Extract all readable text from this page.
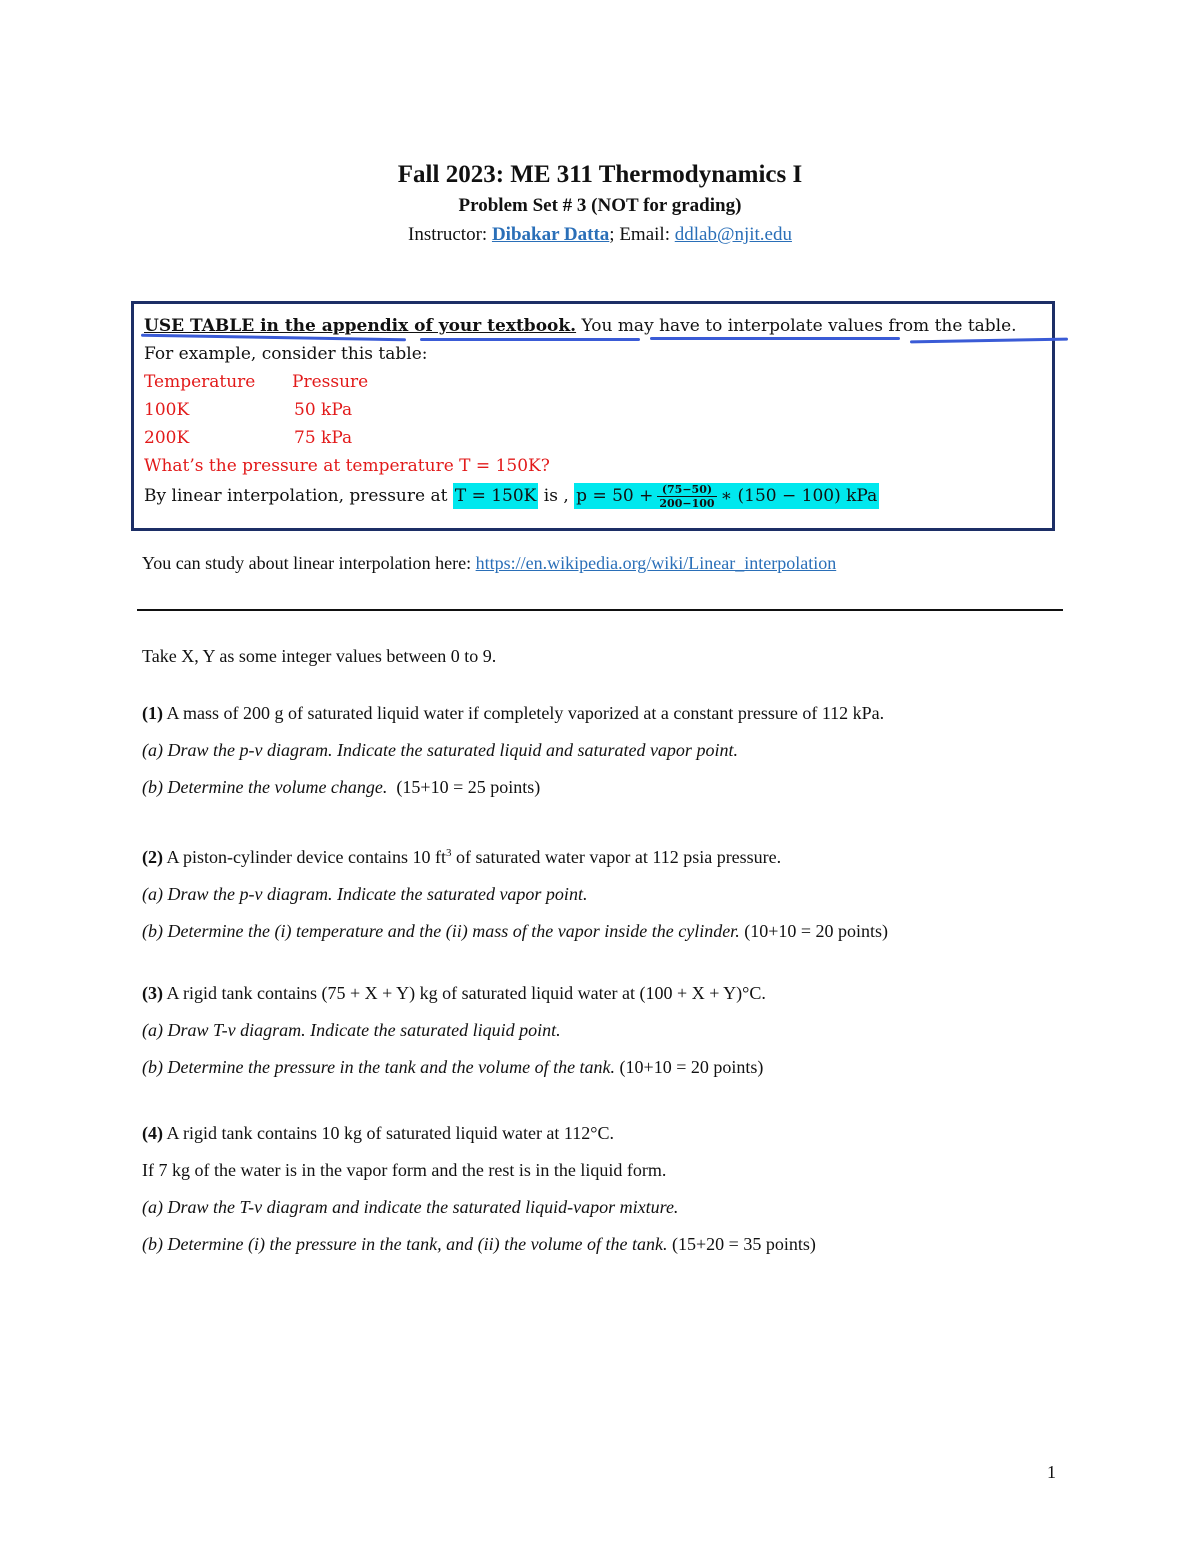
Fall 2023: ME 311 Thermodynamics I

Problem Set # 3 (NOT for grading)

Instructor: Dibakar Datta; Email: ddlab@njit.edu

USE TABLE in the appendix of your textbook. You may have to interpolate values from the table.
For example, consider this table:
Temperature Pressure
100K	50 kPa
200K	75 kPa
What’s the pressure at temperature T = 150K?
By linear interpolation, pressure at T = 150K is , $p = 50 + \frac{(75-50)}{200-100}$ ∗ (150 − 100) kPa
You can study about linear interpolation here: https://en.wikipedia.org/wiki/Linear_interpolation

Take X, Y as some integer values between 0 to 9.

(1) A mass of 200 g of saturated liquid water if completely vaporized at a constant pressure of 112 kPa.

(a) Draw the p-v diagram. Indicate the saturated liquid and saturated vapor point.

(b) Determine the volume change. (15+10 = 25 points)

(2) A piston-cylinder device contains 10 $ft^3$ of saturated water vapor at 112 psia pressure.

(a) Draw the p-v diagram. Indicate the saturated vapor point.

(b) Determine the (i) temperature and the (ii) mass of the vapor inside the cylinder. (10+10 = 20 points)

(3) A rigid tank contains (75 + X + Y) kg of saturated liquid water at (100 + X + Y)°C.

(a) Draw T-v diagram. Indicate the saturated liquid point.

(b) Determine the pressure in the tank and the volume of the tank. (10+10 = 20 points)

(4) A rigid tank contains 10 kg of saturated liquid water at 112°C.

If 7 kg of the water is in the vapor form and the rest is in the liquid form.

(a) Draw the T-v diagram and indicate the saturated liquid-vapor mixture.

(b) Determine (i) the pressure in the tank, and (ii) the volume of the tank. (15+20 = 35 points)

1
